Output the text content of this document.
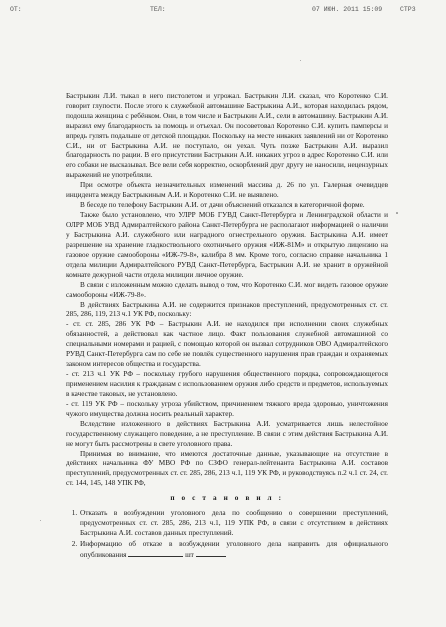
ОТ:	ТЕЛ:	07 ИЮН. 2011 15:09	СТР3

Бастрыкин Л.И. тыкал в него пистолетом и угрожал. Бастрыкин Л.И. сказал, что Коротенко С.И. говорит глупости. После этого к служебной автомашине Бастрыкина А.И., которая находилась рядом, подошла женщина с ребёнком. Они, в том числе и Бастрыкин А.И., сели в автомашину. Бастрыкин А.И. выразил ему благодарность за помощь и отъехал. Он посоветовал Коротенко С.И. купить памперсы и впредь гулять подальше от детской площадки. Поскольку на месте никаких заявлений ни от Коротенко С.И., ни от Бастрыкина А.И. не поступало, он уехал. Чуть позже Бастрыкин А.И. выразил благодарность по рации. В его присутствии Бастрыкин А.И. никаких угроз в адрес Коротенко С.И. или его собаки не высказывал. Все вели себя корректно, оскорблений друг другу не наносили, нецензурных выражений не употребляли.

При осмотре объекта незначительных изменений массива д. 26 по ул. Галерная очевидцев инцидента между Бастрыкиным А.И. и Коротенко С.И. не выявлено.

В беседе по телефону Бастрыкин А.И. от дачи объяснений отказался в категоричной форме.

Также было установлено, что УЛРР МОБ ГУВД Санкт-Петербурга и Ленинградской области и ОЛРР МОБ УВД Адмиралтейского района Санкт-Петербурга не располагают информацией о наличии у Бастрыкина А.И. служебного или наградного огнестрельного оружия. Бастрыкина А.И. имеет разрешение на хранение гладкоствольного охотничьего оружия «ИЖ-81М» и открытую лицензию на газовое оружие самообороны «ИЖ-79-8», калибра 8 мм. Кроме того, согласно справке начальника 1 отдела милиции Адмиралтейского РУВД Санкт-Петербурга, Бастрыкин А.И. не хранит в оружейной комнате дежурной части отдела милиции личное оружие.

В связи с изложенным можно сделать вывод о том, что Коротенко С.И. мог видеть газовое оружие самообороны «ИЖ-79-8».

В действиях Бастрыкина А.И. не содержится признаков преступлений, предусмотренных ст. ст. 285, 286, 119, 213 ч.1 УК РФ, поскольку:

- ст. ст. 285, 286 УК РФ – Бастрыкин А.И. не находился при исполнении своих служебных обязанностей, а действовал как частное лицо. Факт пользования служебной автомашиной со специальными номерами и рацией, с помощью которой он вызвал сотрудников ОВО Адмиралтейского РУВД Санкт-Петербурга сам по себе не повлёк существенного нарушения прав граждан и охраняемых законом интересов общества и государства.

- ст. 213 ч.1 УК РФ – поскольку грубого нарушения общественного порядка, сопровождающегося применением насилия к гражданам с использованием оружия либо средств и предметов, используемых в качестве таковых, не установлено.

- ст. 119 УК РФ – поскольку угроза убийством, причинением тяжкого вреда здоровью, уничтожения чужого имущества должна носить реальный характер.

Вследствие изложенного в действиях Бастрыкина А.И. усматривается лишь нелестойное государственному служащего поведение, а не преступление. В связи с этим действия Бастрыкина А.И. не могут быть рассмотрены в свете уголовного права.

Принимая во внимание, что имеются достаточные данные, указывающие на отсутствие в действиях начальника ФУ МВО РФ по СЗФО генерал-лейтенанта Бастрыкина А.И. составов преступлений, предусмотренных ст. ст. 285, 286, 213 ч.1, 119 УК РФ, и руководствуясь п.2 ч.1 ст. 24, ст. ст. 144, 145, 148 УПК РФ,

п о с т а н о в и л :

1. Отказать в возбуждении уголовного дела по сообщению о совершении преступлений, предусмотренных ст. ст. 285, 286, 213 ч.1, 119 УПК РФ, в связи с отсутствием в действиях Бастрыкина А.И. составов данных преступлений.
2. Информацию об отказе в возбуждении уголовного дела направить для официального опубликования	шт
